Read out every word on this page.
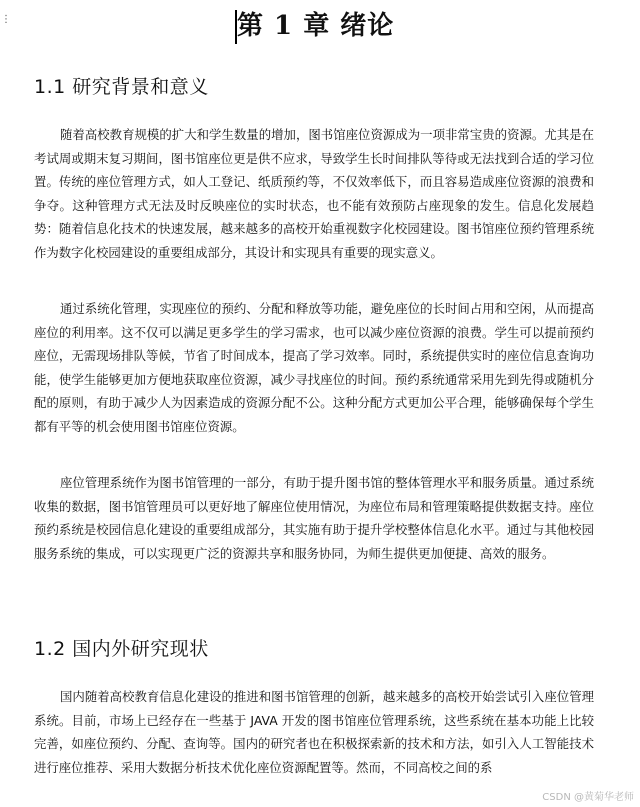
⋮	第 1 章 绪论
1.1 研究背景和意义

随着高校教育规模的扩大和学生数量的增加，图书馆座位资源成为一项非常宝贵的资源。尤其是在考试周或期末复习期间，图书馆座位更是供不应求，导致学生长时间排队等待或无法找到合适的学习位置。传统的座位管理方式，如人工登记、纸质预约等，不仅效率低下，而且容易造成座位资源的浪费和争夺。这种管理方式无法及时反映座位的实时状态，也不能有效预防占座现象的发生。信息化发展趋势：随着信息化技术的快速发展，越来越多的高校开始重视数字化校园建设。图书馆座位预约管理系统作为数字化校园建设的重要组成部分，其设计和实现具有重要的现实意义。

通过系统化管理，实现座位的预约、分配和释放等功能，避免座位的长时间占用和空闲，从而提高座位的利用率。这不仅可以满足更多学生的学习需求，也可以减少座位资源的浪费。学生可以提前预约座位，无需现场排队等候，节省了时间成本，提高了学习效率。同时，系统提供实时的座位信息查询功能，使学生能够更加方便地获取座位资源，减少寻找座位的时间。预约系统通常采用先到先得或随机分配的原则，有助于减少人为因素造成的资源分配不公。这种分配方式更加公平合理，能够确保每个学生都有平等的机会使用图书馆座位资源。

座位管理系统作为图书馆管理的一部分，有助于提升图书馆的整体管理水平和服务质量。通过系统收集的数据，图书馆管理员可以更好地了解座位使用情况，为座位布局和管理策略提供数据支持。座位预约系统是校园信息化建设的重要组成部分，其实施有助于提升学校整体信息化水平。通过与其他校园服务系统的集成，可以实现更广泛的资源共享和服务协同，为师生提供更加便捷、高效的服务。

1.2 国内外研究现状

国内随着高校教育信息化建设的推进和图书馆管理的创新，越来越多的高校开始尝试引入座位管理系统。目前，市场上已经存在一些基于 JAVA 开发的图书馆座位管理系统，这些系统在基本功能上比较完善，如座位预约、分配、查询等。国内的研究者也在积极探索新的技术和方法，如引入人工智能技术进行座位推荐、采用大数据分析技术优化座位资源配置等。然而，不同高校之间的系

CSDN @黄菊华老师
